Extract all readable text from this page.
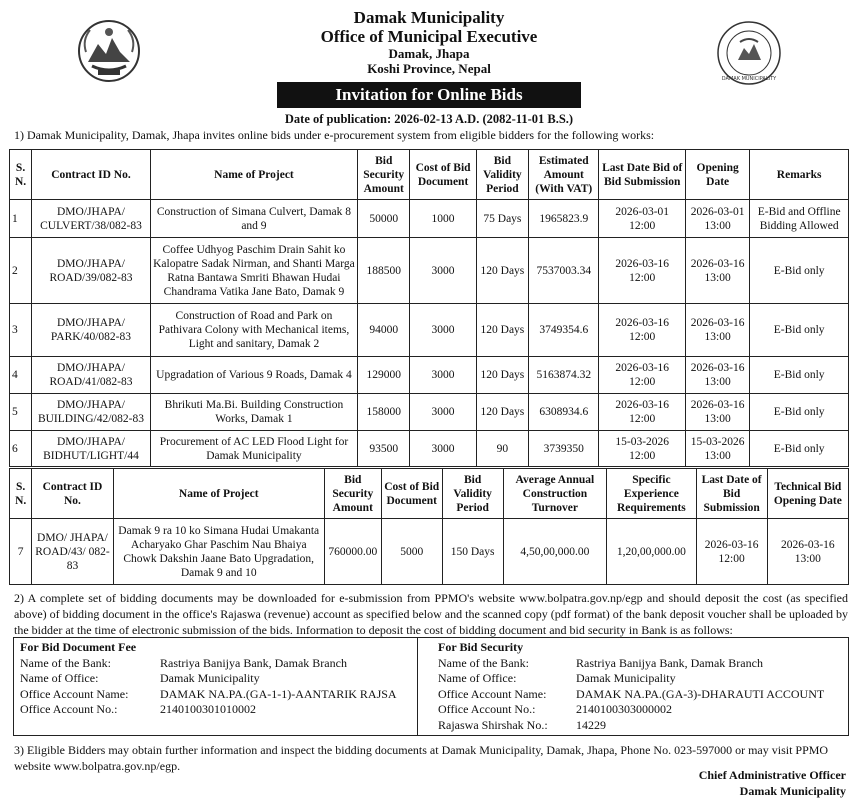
DAMAK MUNICIPALITY
Damak Municipality
Office of Municipal Executive
Damak, Jhapa
Koshi Province, Nepal
Invitation for Online Bids
Date of publication: 2026-02-13 A.D. (2082-11-01 B.S.)
1) Damak Municipality, Damak, Jhapa invites online bids under e-procurement system from eligible bidders for the following works:
S. N.	Contract ID No.	Name of Project	Bid Security Amount	Cost of Bid Document	Bid Validity Period	Estimated Amount (With VAT)	Last Date Bid of Bid Submission	Opening Date	Remarks
1	DMO/JHAPA/ CULVERT/38/082-83	Construction of Simana Culvert, Damak 8 and 9	50000	1000	75 Days	1965823.9	2026-03-01 12:00	2026-03-01 13:00	E-Bid and Offline Bidding Allowed
2	DMO/JHAPA/ ROAD/39/082-83	Coffee Udhyog Paschim Drain Sahit ko Kalopatre Sadak Nirman, and Shanti Marga Ratna Bantawa Smriti Bhawan Hudai Chandrama Vatika Jane Bato, Damak 9	188500	3000	120 Days	7537003.34	2026-03-16 12:00	2026-03-16 13:00	E-Bid only
3	DMO/JHAPA/ PARK/40/082-83	Construction of Road and Park on Pathivara Colony with Mechanical items, Light and sanitary, Damak 2	94000	3000	120 Days	3749354.6	2026-03-16 12:00	2026-03-16 13:00	E-Bid only
4	DMO/JHAPA/ ROAD/41/082-83	Upgradation of Various 9 Roads, Damak 4	129000	3000	120 Days	5163874.32	2026-03-16 12:00	2026-03-16 13:00	E-Bid only
5	DMO/JHAPA/ BUILDING/42/082-83	Bhrikuti Ma.Bi. Building Construction Works, Damak 1	158000	3000	120 Days	6308934.6	2026-03-16 12:00	2026-03-16 13:00	E-Bid only
6	DMO/JHAPA/ BIDHUT/LIGHT/44	Procurement of AC LED Flood Light for Damak Municipality	93500	3000	90	3739350	15-03-2026 12:00	15-03-2026 13:00	E-Bid only
S. N.	Contract ID No.	Name of Project	Bid Security Amount	Cost of Bid Document	Bid Validity Period	Average Annual Construction Turnover	Specific Experience Requirements	Last Date of Bid Submission	Technical Bid Opening Date
7	DMO/ JHAPA/ ROAD/43/ 082-83	Damak 9 ra 10 ko Simana Hudai Umakanta Acharyako Ghar Paschim Nau Bhaiya Chowk Dakshin Jaane Bato Upgradation, Damak 9 and 10	760000.00	5000	150 Days	4,50,00,000.00	1,20,00,000.00	2026-03-16 12:00	2026-03-16 13:00
2) A complete set of bidding documents may be downloaded for e-submission from PPMO's website www.bolpatra.gov.np/egp and should deposit the cost (as specified above) of bidding document in the office's Rajaswa (revenue) account as specified below and the scanned copy (pdf format) of the bank deposit voucher shall be uploaded by the bidder at the time of electronic submission of the bids. Information to deposit the cost of bidding document and bid security in Bank is as follows:
For Bid Document Fee
Name of the Bank:	Rastriya Banijya Bank, Damak Branch
Name of Office:	Damak Municipality
Office Account Name:	DAMAK NA.PA.(GA-1-1)-AANTARIK RAJSA
Office Account No.:	2140100301010002
For Bid Security
Name of the Bank:	Rastriya Banijya Bank, Damak Branch
Name of Office:	Damak Municipality
Office Account Name: DAMAK NA.PA.(GA-3)-DHARAUTI ACCOUNT
Office Account No.:	2140100303000002
Rajaswa Shirshak No.: 14229
3) Eligible Bidders may obtain further information and inspect the bidding documents at Damak Municipality, Damak, Jhapa, Phone No. 023-597000 or may visit PPMO website www.bolpatra.gov.np/egp.
Chief Administrative Officer
Damak Municipality
